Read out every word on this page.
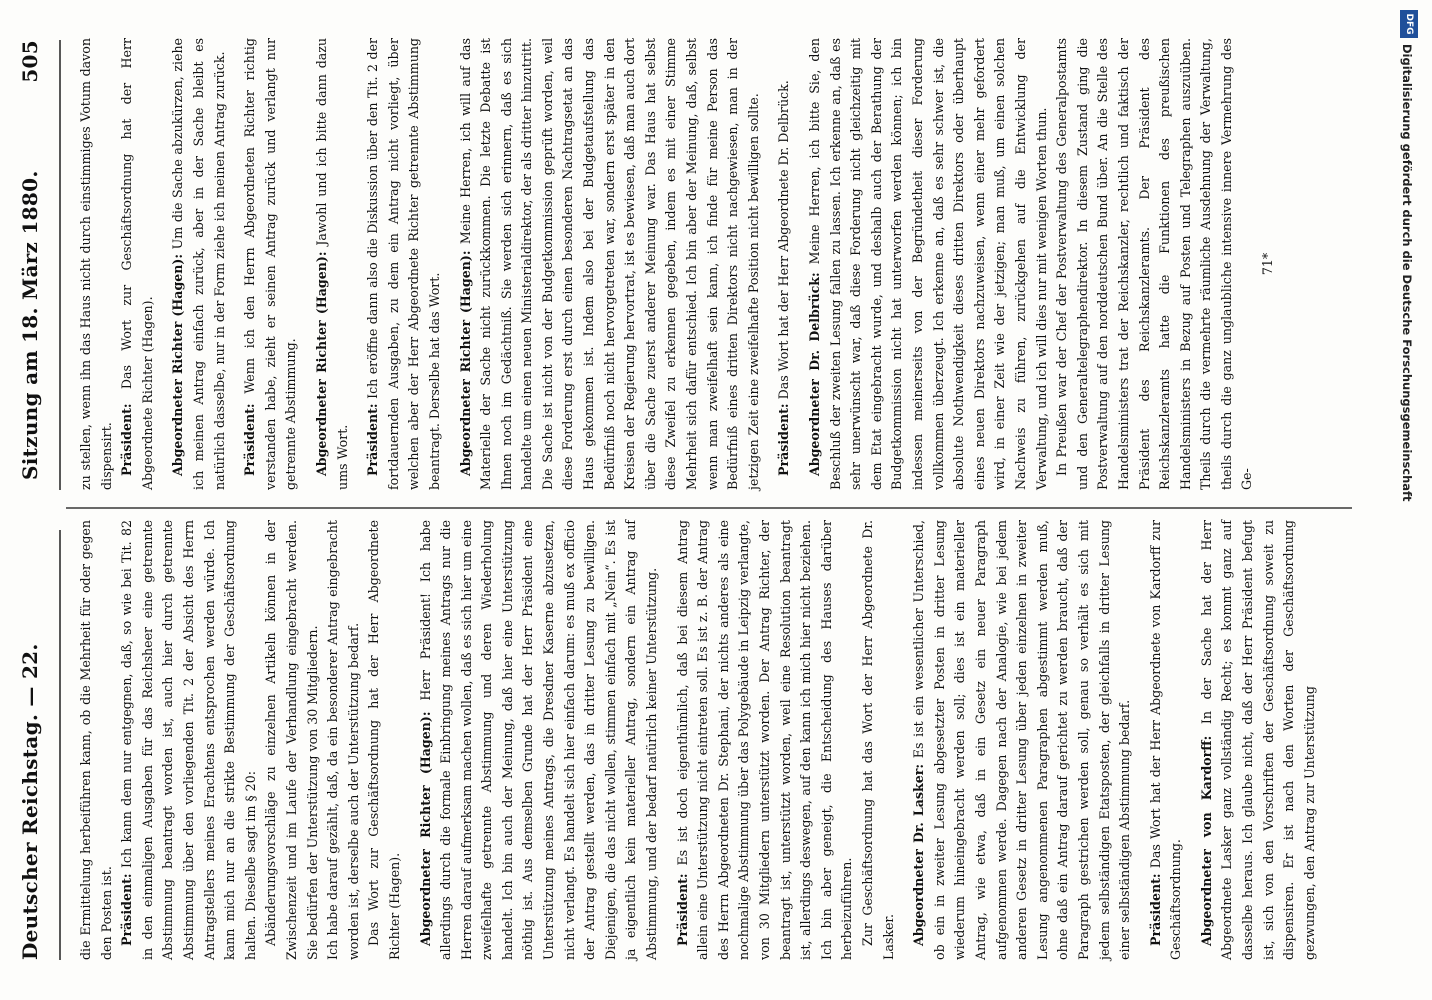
Deutscher Reichstag. — 22.
Sitzung am 18. März 1880.
505

die Ermittelung herbeiführen kann, ob die Mehrheit für oder gegen den Posten ist. Präsident: Ich kann dem nur entgegnen, daß, so wie bei Tit. 82 in den einmaligen Ausgaben für das Reichsheer eine getrennte Abstimmung beantragt worden ist, auch hier durch getrennte Abstimmung über den vorliegenden Tit. 2 der Absicht des Herrn Antragstellers meines Erachtens entsprochen werden würde. Ich kann mich nur an die strikte Bestimmung der Geschäftsordnung halten. Dieselbe sagt im § 20: Abänderungsvorschläge zu einzelnen Artikeln können in der Zwischenzeit und im Laufe der Verhandlung eingebracht werden. Sie bedürfen der Unterstützung von 30 Mitgliedern. Ich habe darauf gezählt, daß, da ein besonderer Antrag eingebracht worden ist, derselbe auch der Unterstützung bedarf. Das Wort zur Geschäftsordnung hat der Herr Abgeordnete Richter (Hagen). Abgeordneter Richter (Hagen): Herr Präsident! Ich habe allerdings durch die formale Einbringung meines Antrags nur die Herren darauf aufmerksam machen wollen, daß es sich hier um eine zweifelhafte getrennte Abstimmung und deren Wiederholung handelt. Ich bin auch der Meinung, daß hier eine Unterstützung nöthig ist. Aus demselben Grunde hat der Herr Präsident eine Unterstützung meines Antrags, die Dresdner Kaserne abzusetzen, nicht verlangt. Es handelt sich hier einfach darum: es muß ex officio der Antrag gestellt werden, das in dritter Lesung zu bewilligen. Diejenigen, die das nicht wollen, stimmen einfach mit „Nein“. Es ist ja eigentlich kein materieller Antrag, sondern ein Antrag auf Abstimmung, und der bedarf natürlich keiner Unterstützung. Präsident: Es ist doch eigenthümlich, daß bei diesem Antrag allein eine Unterstützung nicht eintreten soll. Es ist z. B. der Antrag des Herrn Abgeordneten Dr. Stephani, der nichts anderes als eine nochmalige Abstimmung über das Polygebäude in Leipzig verlangte, von 30 Mitgliedern unterstützt worden. Der Antrag Richter, der beantragt ist, unterstützt worden, weil eine Resolution beantragt ist, allerdings deswegen, auf den kann ich mich hier nicht beziehen. Ich bin aber geneigt, die Entscheidung des Hauses darüber herbeizuführen. Zur Geschäftsordnung hat das Wort der Herr Abgeordnete Dr. Lasker. Abgeordneter Dr. Lasker: Es ist ein wesentlicher Unterschied, ob ein in zweiter Lesung abgesetzter Posten in dritter Lesung wiederum hineingebracht werden soll; dies ist ein materieller Antrag, wie etwa, daß in ein Gesetz ein neuer Paragraph aufgenommen werde. Dagegen nach der Analogie, wie bei jedem anderen Gesetz in dritter Lesung über jeden einzelnen in zweiter Lesung angenommenen Paragraphen abgestimmt werden muß, ohne daß ein Antrag darauf gerichtet zu werden braucht, daß der Paragraph gestrichen werden soll, genau so verhält es sich mit jedem selbständigen Etatsposten, der gleichfalls in dritter Lesung einer selbständigen Abstimmung bedarf. Präsident: Das Wort hat der Herr Abgeordnete von Kardorff zur Geschäftsordnung. Abgeordneter von Kardorff: In der Sache hat der Herr Abgeordnete Lasker ganz vollständig Recht; es kommt ganz auf dasselbe heraus. Ich glaube nicht, daß der Herr Präsident befugt ist, sich von den Vorschriften der Geschäftsordnung soweit zu dispensiren. Er ist nach den Worten der Geschäftsordnung gezwungen, den Antrag zur Unterstützung

zu stellen, wenn ihn das Haus nicht durch einstimmiges Votum davon dispensirt. Präsident: Das Wort zur Geschäftsordnung hat der Herr Abgeordnete Richter (Hagen). Abgeordneter Richter (Hagen): Um die Sache abzukürzen, ziehe ich meinen Antrag einfach zurück, aber in der Sache bleibt es natürlich dasselbe, nur in der Form ziehe ich meinen Antrag zurück. Präsident: Wenn ich den Herrn Abgeordneten Richter richtig verstanden habe, zieht er seinen Antrag zurück und verlangt nur getrennte Abstimmung. Abgeordneter Richter (Hagen): Jawohl und ich bitte dann dazu ums Wort. Präsident: Ich eröffne dann also die Diskussion über den Tit. 2 der fortdauernden Ausgaben, zu dem ein Antrag nicht vorliegt, über welchen aber der Herr Abgeordnete Richter getrennte Abstimmung beantragt. Derselbe hat das Wort. Abgeordneter Richter (Hagen): Meine Herren, ich will auf das Materielle der Sache nicht zurückkommen. Die letzte Debatte ist Ihnen noch im Gedächtniß. Sie werden sich erinnern, daß es sich handelte um einen neuen Ministerialdirektor, der als dritter hinzutritt. Die Sache ist nicht von der Budgetkommission geprüft worden, weil diese Forderung erst durch einen besonderen Nachtragsetat an das Haus gekommen ist. Indem also bei der Budgetaufstellung das Bedürfniß noch nicht hervorgetreten war, sondern erst später in den Kreisen der Regierung hervortrat, ist es bewiesen, daß man auch dort über die Sache zuerst anderer Meinung war. Das Haus hat selbst diese Zweifel zu erkennen gegeben, indem es mit einer Stimme Mehrheit sich dafür entschied. Ich bin aber der Meinung, daß, selbst wenn man zweifelhaft sein kann, ich finde für meine Person das Bedürfniß eines dritten Direktors nicht nachgewiesen, man in der jetzigen Zeit eine zweifelhafte Position nicht bewilligen sollte. Präsident: Das Wort hat der Herr Abgeordnete Dr. Delbrück. Abgeordneter Dr. Delbrück: Meine Herren, ich bitte Sie, den Beschluß der zweiten Lesung fallen zu lassen. Ich erkenne an, daß es sehr unerwünscht war, daß diese Forderung nicht gleichzeitig mit dem Etat eingebracht wurde, und deshalb auch der Berathung der Budgetkommission nicht hat unterworfen werden können; ich bin indessen meinerseits von der Begründetheit dieser Forderung vollkommen überzeugt. Ich erkenne an, daß es sehr schwer ist, die absolute Nothwendigkeit dieses dritten Direktors oder überhaupt eines neuen Direktors nachzuweisen, wenn einer mehr gefordert wird, in einer Zeit wie der jetzigen; man muß, um einen solchen Nachweis zu führen, zurückgehen auf die Entwicklung der Verwaltung, und ich will dies nur mit wenigen Worten thun. In Preußen war der Chef der Postverwaltung des Generalpostamts und den Generaltelegraphendirektor. In diesem Zustand ging die Postverwaltung auf den norddeutschen Bund über. An die Stelle des Handelsministers trat der Reichskanzler, rechtlich und faktisch der Präsident des Reichskanzleramts. Der Präsident des Reichskanzleramts hatte die Funktionen des preußischen Handelsministers in Bezug auf Posten und Telegraphen auszuüben. Theils durch die vermehrte räumliche Ausdehnung der Verwaltung, theils durch die ganz unglaubliche intensive innere Vermehrung des Ge-

71*

DFG
Digitalisierung gefördert durch die Deutsche Forschungsgemeinschaft
